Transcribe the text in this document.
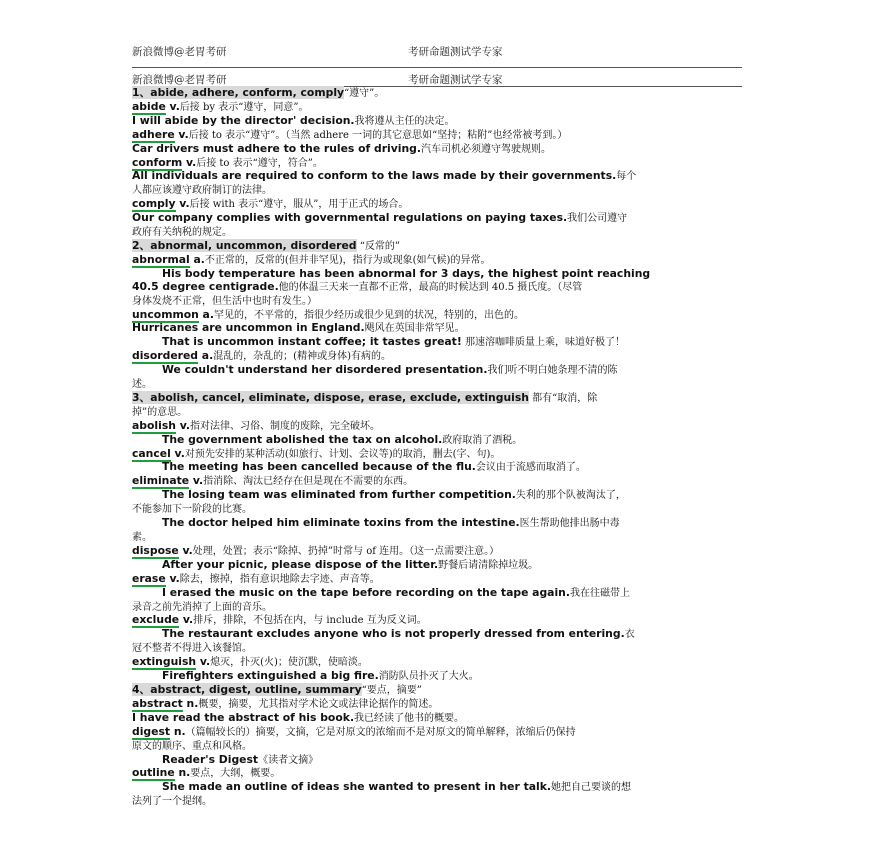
新浪微博@老胃考研	考研命题测试学专家
新浪微博@老胃考研	考研命题测试学专家
1、abide, adhere, conform, comply“遵守”。
abide v.后接 by 表示“遵守，同意”。
I will abide by the director' decision.我将遵从主任的决定。
adhere v.后接 to 表示“遵守”。（当然 adhere 一词的其它意思如“坚持；粘附”也经常被考到。）
Car drivers must adhere to the rules of driving.汽车司机必须遵守驾驶规则。
conform v.后接 to 表示“遵守，符合”。
All individuals are required to conform to the laws made by their governments.每个
人都应该遵守政府制订的法律。
comply v.后接 with 表示“遵守，服从”，用于正式的场合。
Our company complies with governmental regulations on paying taxes.我们公司遵守
政府有关纳税的规定。
2、abnormal, uncommon, disordered “反常的”
abnormal a.不正常的，反常的(但并非罕见)，指行为或现象(如气候)的异常。
His body temperature has been abnormal for 3 days, the highest point reaching
40.5 degree centigrade.他的体温三天来一直都不正常，最高的时候达到 40.5 摄氏度。（尽管
身体发烧不正常，但生活中也时有发生。）
uncommon a.罕见的，不平常的，指很少经历或很少见到的状况，特别的，出色的。
Hurricanes are uncommon in England.飓风在英国非常罕见。
That is uncommon instant coffee; it tastes great! 那速溶咖啡质量上乘，味道好极了！
disordered a.混乱的，杂乱的；(精神或身体)有病的。
We couldn't understand her disordered presentation.我们听不明白她条理不清的陈
述。
3、abolish, cancel, eliminate, dispose, erase, exclude, extinguish 都有“取消，除
掉”的意思。
abolish v.指对法律、习俗、制度的废除，完全破坏。
The government abolished the tax on alcohol.政府取消了酒税。
cancel v.对预先安排的某种活动(如旅行、计划、会议等)的取消，删去(字、句)。
The meeting has been cancelled because of the flu.会议由于流感而取消了。
eliminate v.指消除、淘汰已经存在但是现在不需要的东西。
The losing team was eliminated from further competition.失利的那个队被淘汰了，
不能参加下一阶段的比赛。
The doctor helped him eliminate toxins from the intestine.医生帮助他排出肠中毒
素。
dispose v.处理，处置；表示“除掉、扔掉”时常与 of 连用。（这一点需要注意。）
After your picnic, please dispose of the litter.野餐后请清除掉垃圾。
erase v.除去，擦掉，指有意识地除去字迹、声音等。
I erased the music on the tape before recording on the tape again.我在往磁带上
录音之前先消掉了上面的音乐。
exclude v.排斥，排除，不包括在内，与 include 互为反义词。
The restaurant excludes anyone who is not properly dressed from entering.衣
冠不整者不得进入该餐馆。
extinguish v.熄灭，扑灭(火)；使沉默，使暗淡。
Firefighters extinguished a big fire.消防队员扑灭了大火。
4、abstract, digest, outline, summary“要点，摘要”
abstract n.概要，摘要，尤其指对学术论文或法律论据作的简述。
I have read the abstract of his book.我已经读了他书的概要。
digest n.（篇幅较长的）摘要，文摘，它是对原文的浓缩而不是对原文的简单解释，浓缩后仍保持
原文的顺序、重点和风格。
Reader's Digest《读者文摘》
outline n.要点，大纲，概要。
She made an outline of ideas she wanted to present in her talk.她把自己要谈的想
法列了一个提纲。
